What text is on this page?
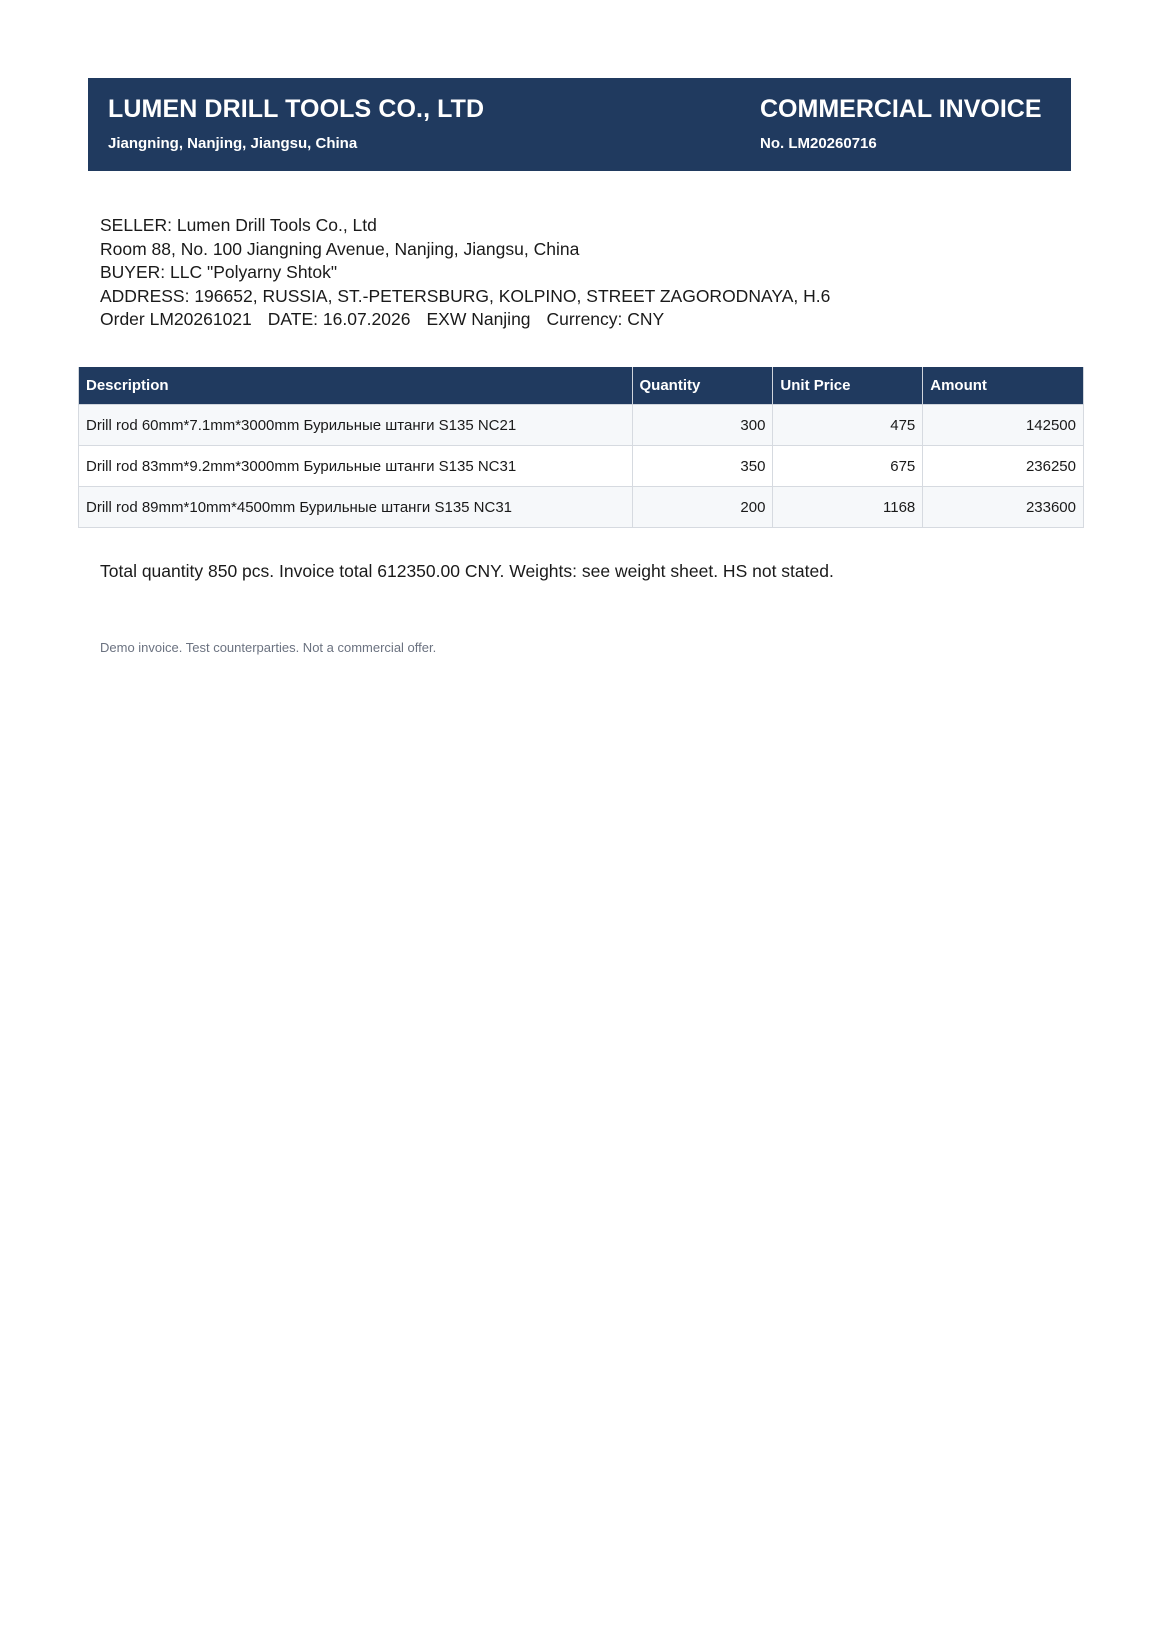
LUMEN DRILL TOOLS CO., LTD
Jiangning, Nanjing, Jiangsu, China
COMMERCIAL INVOICE
No. LM20260716
SELLER: Lumen Drill Tools Co., Ltd
Room 88, No. 100 Jiangning Avenue, Nanjing, Jiangsu, China
BUYER: LLC "Polyarny Shtok"
ADDRESS: 196652, RUSSIA, ST.-PETERSBURG, KOLPINO, STREET ZAGORODNAYA, H.6
Order LM20261021 DATE: 16.07.2026 EXW Nanjing Currency: CNY
Description	Quantity	Unit Price	Amount
Drill rod 60mm*7.1mm*3000mm Бурильные штанги S135 NC21	300	475	142500
Drill rod 83mm*9.2mm*3000mm Бурильные штанги S135 NC31	350	675	236250
Drill rod 89mm*10mm*4500mm Бурильные штанги S135 NC31	200	1168	233600
Total quantity 850 pcs. Invoice total 612350.00 CNY. Weights: see weight sheet. HS not stated.
Demo invoice. Test counterparties. Not a commercial offer.
